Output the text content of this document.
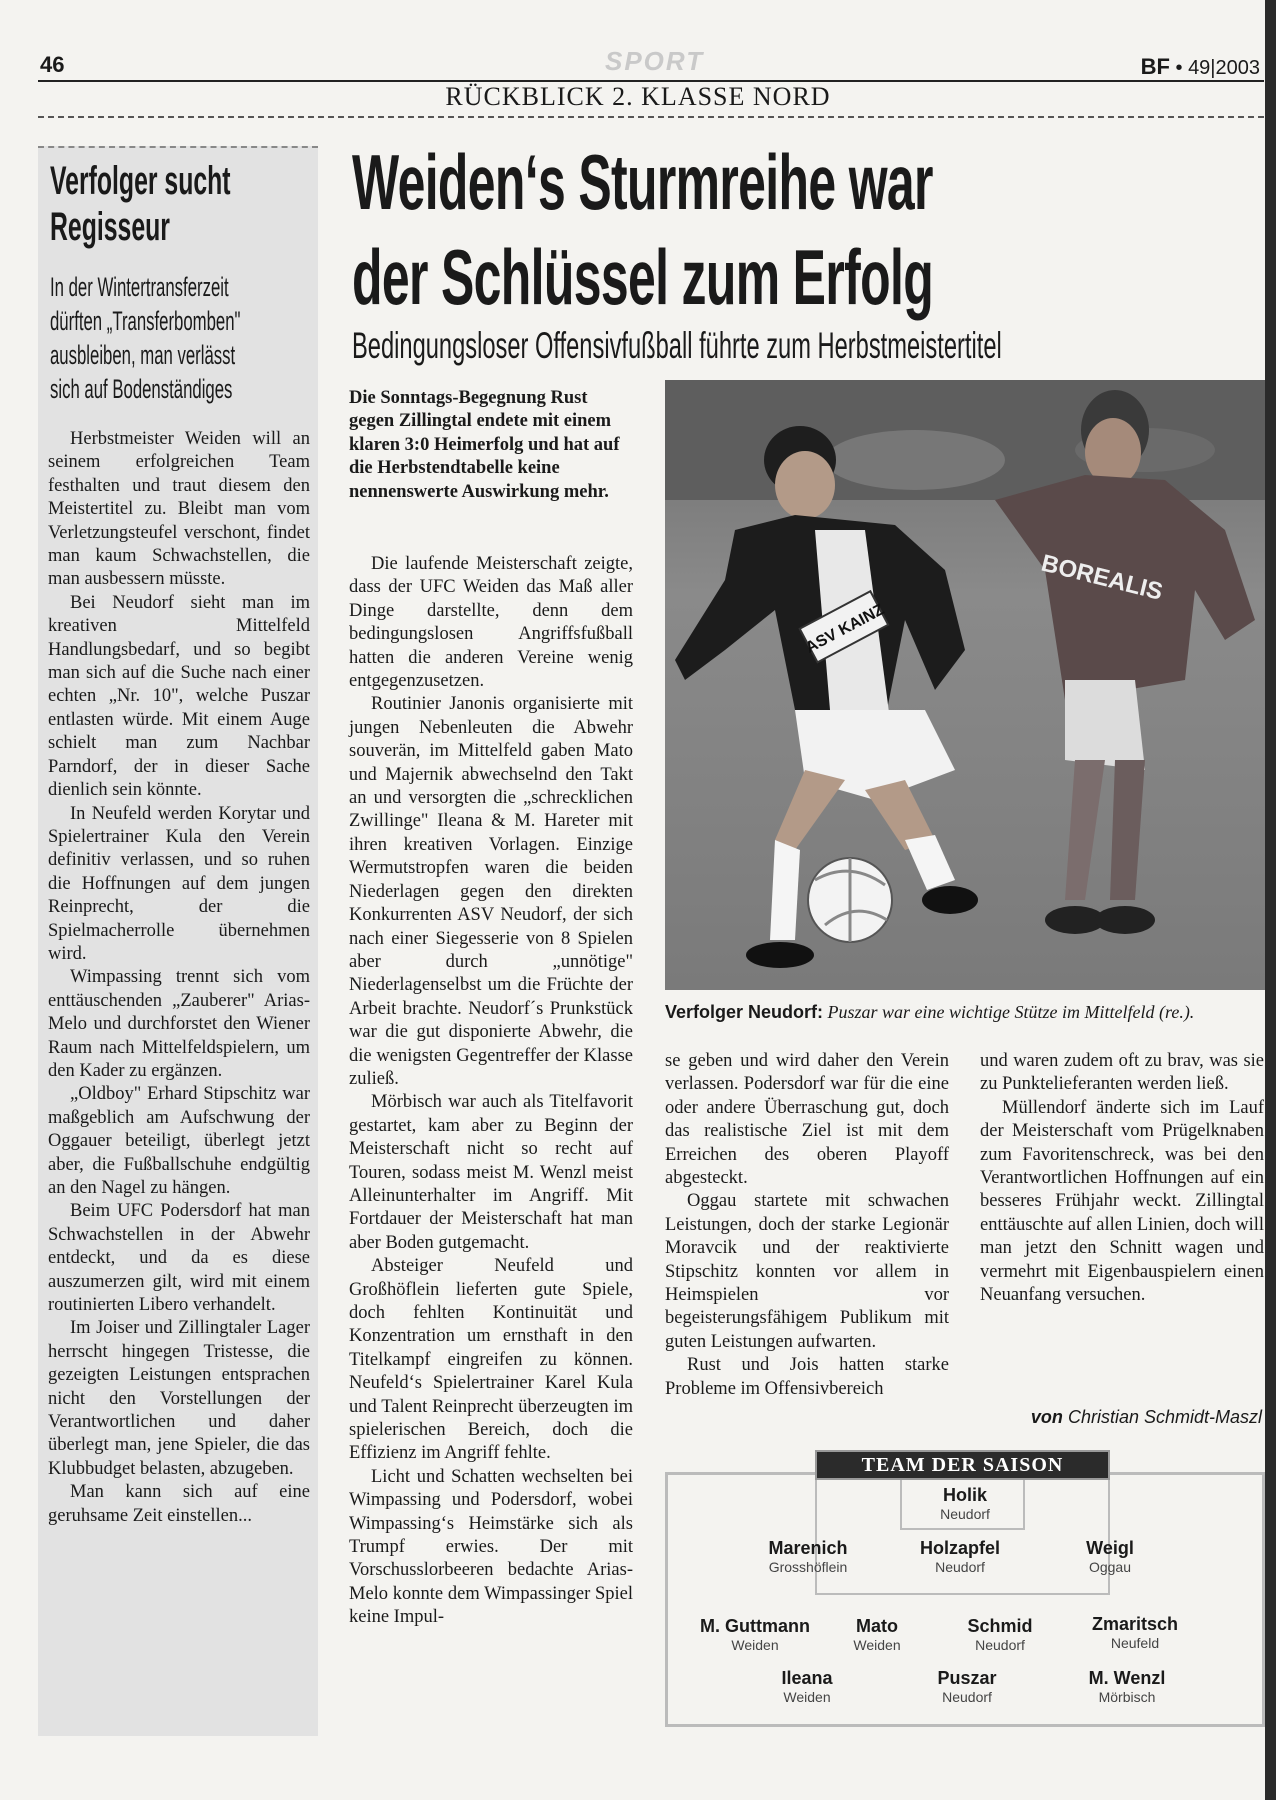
46	SPORT	BF • 49|2003
RÜCKBLICK 2. KLASSE NORD
Verfolger sucht
Regisseur
In der Wintertransferzeit
dürften „Transferbomben"
ausbleiben, man verlässt
sich auf Bodenständiges

Herbstmeister Weiden will an seinem erfolgreichen Team festhalten und traut diesem den Meistertitel zu. Bleibt man vom Verletzungsteufel verschont, findet man kaum Schwachstellen, die man ausbessern müsste.

Bei Neudorf sieht man im kreativen Mittelfeld Handlungsbedarf, und so begibt man sich auf die Suche nach einer echten „Nr. 10", welche Puszar entlasten würde. Mit einem Auge schielt man zum Nachbar Parndorf, der in dieser Sache dienlich sein könnte.

In Neufeld werden Korytar und Spielertrainer Kula den Verein definitiv verlassen, und so ruhen die Hoffnungen auf dem jungen Reinprecht, der die Spielmacherrolle übernehmen wird.

Wimpassing trennt sich vom enttäuschenden „Zauberer" Arias-Melo und durchforstet den Wiener Raum nach Mittelfeldspielern, um den Kader zu ergänzen.

„Oldboy" Erhard Stipschitz war maßgeblich am Aufschwung der Oggauer beteiligt, überlegt jetzt aber, die Fußballschuhe endgültig an den Nagel zu hängen.

Beim UFC Podersdorf hat man Schwachstellen in der Abwehr entdeckt, und da es diese auszumerzen gilt, wird mit einem routinierten Libero verhandelt.

Im Joiser und Zillingtaler Lager herrscht hingegen Tristesse, die gezeigten Leistungen entsprachen nicht den Vorstellungen der Verantwortlichen und daher überlegt man, jene Spieler, die das Klubbudget belasten, abzugeben.

Man kann sich auf eine geruhsame Zeit einstellen...

Weiden‘s Sturmreihe war
der Schlüssel zum Erfolg
Bedingungsloser Offensivfußball führte zum Herbstmeistertitel
Die Sonntags-Begegnung Rust gegen Zillingtal endete mit einem klaren 3:0 Heimerfolg und hat auf die Herbstendtabelle keine nennenswerte Auswirkung mehr.

Die laufende Meisterschaft zeigte, dass der UFC Weiden das Maß aller Dinge darstellte, denn dem bedingungslosen Angriffsfußball hatten die anderen Vereine wenig entgegenzusetzen.

Routinier Janonis organisierte mit jungen Nebenleuten die Abwehr souverän, im Mittelfeld gaben Mato und Majernik abwechselnd den Takt an und versorgten die „schrecklichen Zwillinge" Ileana & M. Hareter mit ihren kreativen Vorlagen. Einzige Wermutstropfen waren die beiden Niederlagen gegen den direkten Konkurrenten ASV Neudorf, der sich nach einer Siegesserie von 8 Spielen aber durch „unnötige" Niederlagenselbst um die Früchte der Arbeit brachte. Neudorf´s Prunkstück war die gut disponierte Abwehr, die die wenigsten Gegentreffer der Klasse zuließ.

Mörbisch war auch als Titelfavorit gestartet, kam aber zu Beginn der Meisterschaft nicht so recht auf Touren, sodass meist M. Wenzl meist Alleinunterhalter im Angriff. Mit Fortdauer der Meisterschaft hat man aber Boden gutgemacht.

Absteiger Neufeld und Großhöflein lieferten gute Spiele, doch fehlten Kontinuität und Konzentration um ernsthaft in den Titelkampf eingreifen zu können. Neufeld‘s Spielertrainer Karel Kula und Talent Reinprecht überzeugten im spielerischen Bereich, doch die Effizienz im Angriff fehlte.

Licht und Schatten wechselten bei Wimpassing und Podersdorf, wobei Wimpassing‘s Heimstärke sich als Trumpf erwies. Der mit Vorschusslorbeeren bedachte Arias-Melo konnte dem Wimpassinger Spiel keine Impul-

se geben und wird daher den Verein verlassen. Podersdorf war für die eine oder andere Überraschung gut, doch das realistische Ziel ist mit dem Erreichen des oberen Playoff abgesteckt.

Oggau startete mit schwachen Leistungen, doch der starke Legionär Moravcik und der reaktivierte Stipschitz konnten vor allem in Heimspielen vor begeisterungsfähigem Publikum mit guten Leistungen aufwarten.

Rust und Jois hatten starke Probleme im Offensivbereich

und waren zudem oft zu brav, was sie zu Punktelieferanten werden ließ.

Müllendorf änderte sich im Lauf der Meisterschaft vom Prügelknaben zum Favoritenschreck, was bei den Verantwortlichen Hoffnungen auf ein besseres Frühjahr weckt. Zillingtal enttäuschte auf allen Linien, doch will man jetzt den Schnitt wagen und vermehrt mit Eigenbauspielern einen Neuanfang versuchen.

von Christian Schmidt-Maszl
BOREALIS
ASV KAINZ
Verfolger Neudorf: Puszar war eine wichtige Stütze im Mittelfeld (re.).
TEAM DER SAISON
Holik
Neudorf
Marenich
Grosshöflein
Holzapfel
Neudorf
Weigl
Oggau
M. Guttmann
Weiden
Mato
Weiden
Schmid
Neudorf
Zmaritsch
Neufeld
Ileana
Weiden
Puszar
Neudorf
M. Wenzl
Mörbisch
